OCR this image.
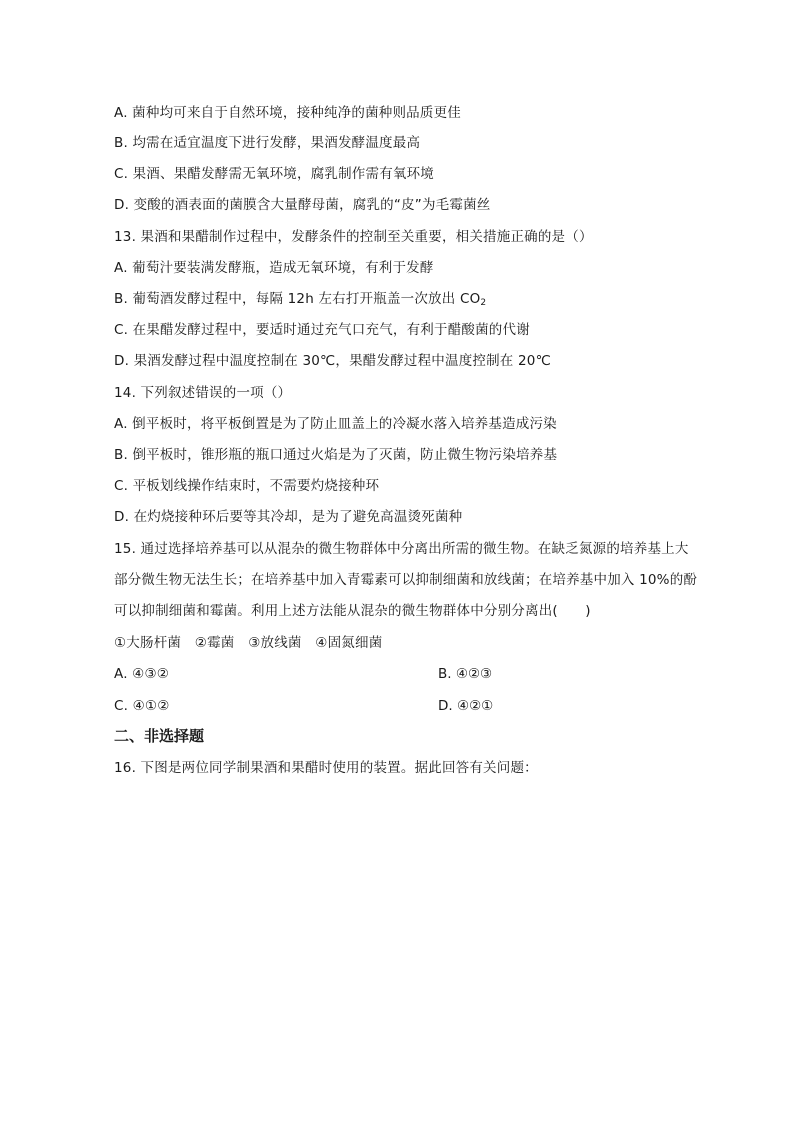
A. 菌种均可来自于自然环境，接种纯净的菌种则品质更佳
B. 均需在适宜温度下进行发酵，果酒发酵温度最高
C. 果酒、果醋发酵需无氧环境，腐乳制作需有氧环境
D. 变酸的酒表面的菌膜含大量酵母菌，腐乳的“皮”为毛霉菌丝
13. 果酒和果醋制作过程中，发酵条件的控制至关重要，相关措施正确的是（）
A. 葡萄汁要装满发酵瓶，造成无氧环境，有利于发酵
B. 葡萄酒发酵过程中，每隔 12h 左右打开瓶盖一次放出 $CO_2$
C. 在果醋发酵过程中，要适时通过充气口充气，有利于醋酸菌的代谢
D. 果酒发酵过程中温度控制在 30℃，果醋发酵过程中温度控制在 20℃
14. 下列叙述错误的一项（）
A. 倒平板时，将平板倒置是为了防止皿盖上的冷凝水落入培养基造成污染
B. 倒平板时，锥形瓶的瓶口通过火焰是为了灭菌，防止微生物污染培养基
C. 平板划线操作结束时，不需要灼烧接种环
D. 在灼烧接种环后要等其冷却，是为了避免高温烫死菌种
15. 通过选择培养基可以从混杂的微生物群体中分离出所需的微生物。在缺乏氮源的培养基上大
部分微生物无法生长；在培养基中加入青霉素可以抑制细菌和放线菌；在培养基中加入 10%的酚
可以抑制细菌和霉菌。利用上述方法能从混杂的微生物群体中分别分离出(　　)
①大肠杆菌　②霉菌　③放线菌　④固氮细菌
A. ④③②	B. ④②③
C. ④①②	D. ④②①
二、非选择题
16. 下图是两位同学制果酒和果醋时使用的装置。据此回答有关问题：
